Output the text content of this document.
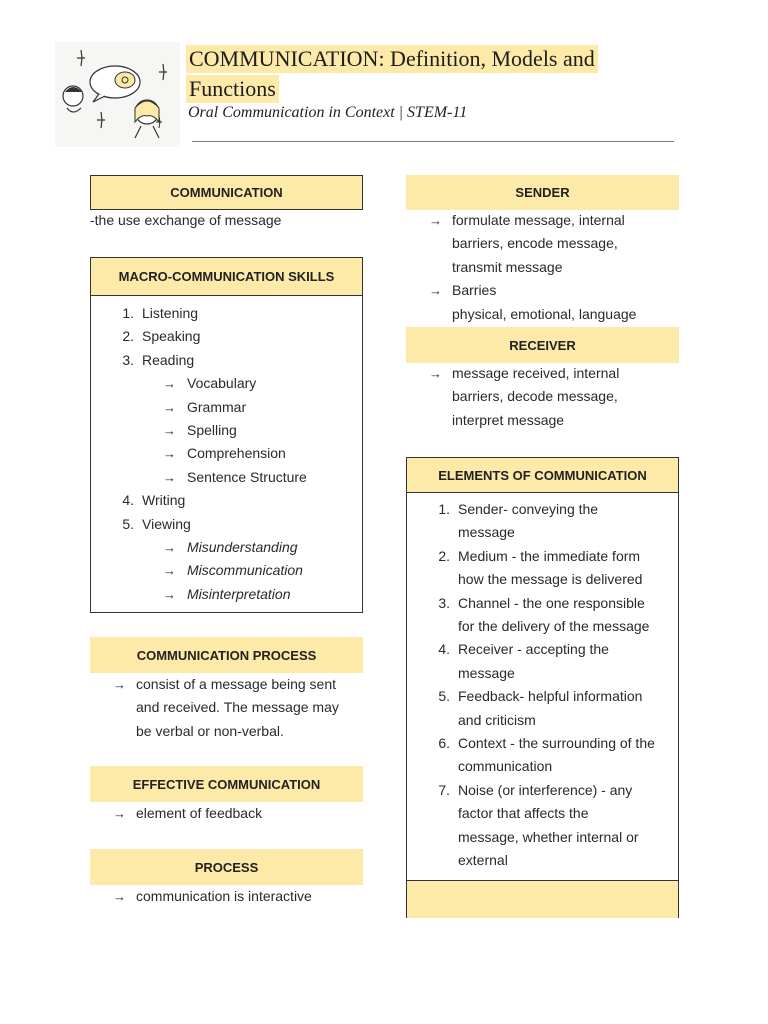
COMMUNICATION: Definition, Models and
Functions
Oral Communication in Context | STEM-11
COMMUNICATION
-the use exchange of message
MACRO-COMMUNICATION SKILLS
1. Listening
2. Speaking
3. Reading
→ Vocabulary
→ Grammar
→ Spelling
→ Comprehension
→ Sentence Structure
4. Writing
5. Viewing
→ Misunderstanding
→ Miscommunication
→ Misinterpretation
COMMUNICATION PROCESS
→ consist of a message being sent
and received. The message may
be verbal or non-verbal.
EFFECTIVE COMMUNICATION
→ element of feedback
PROCESS
→ communication is interactive
SENDER
→ formulate message, internal
barriers, encode message,
transmit message
→ Barries
physical, emotional, language
RECEIVER
→ message received, internal
barriers, decode message,
interpret message
ELEMENTS OF COMMUNICATION
1. Sender- conveying the
message
2. Medium - the immediate form
how the message is delivered
3. Channel - the one responsible
for the delivery of the message
4. Receiver - accepting the
message
5. Feedback- helpful information
and criticism
6. Context - the surrounding of the
communication
7. Noise (or interference) - any
factor that affects the
message, whether internal or
external
